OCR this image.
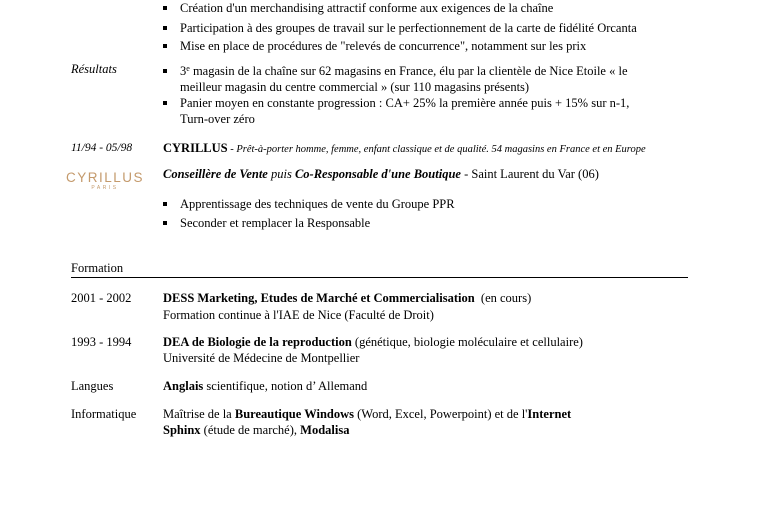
Création d'un merchandising attractif conforme aux exigences de la chaîne
Participation à des groupes de travail sur le perfectionnement de la carte de fidélité Orcanta
Mise en place de procédures de "relevés de concurrence", notamment sur les prix
Résultats	3e magasin de la chaîne sur 62 magasins en France, élu par la clientèle de Nice Etoile « le
meilleur magasin du centre commercial » (sur 110 magasins présents)
Panier moyen en constante progression : CA+ 25% la première année puis + 15% sur n-1,
Turn-over zéro
11/94 - 05/98 CYRILLUS - Prêt-à-porter homme, femme, enfant classique et de qualité. 54 magasins en France et en Europe
CYRILLUS
PARIS
Conseillère de Vente puis Co-Responsable d'une Boutique - Saint Laurent du Var (06)
Apprentissage des techniques de vente du Groupe PPR
Seconder et remplacer la Responsable
Formation
2001 - 2002	DESS Marketing, Etudes de Marché et Commercialisation  (en cours)
Formation continue à l'IAE de Nice (Faculté de Droit)
1993 - 1994	DEA de Biologie de la reproduction (génétique, biologie moléculaire et cellulaire)
Université de Médecine de Montpellier
Langues	Anglais scientifique, notion d’ Allemand
Informatique Maîtrise de la Bureautique Windows (Word, Excel, Powerpoint) et de l'Internet
Sphinx (étude de marché), Modalisa
